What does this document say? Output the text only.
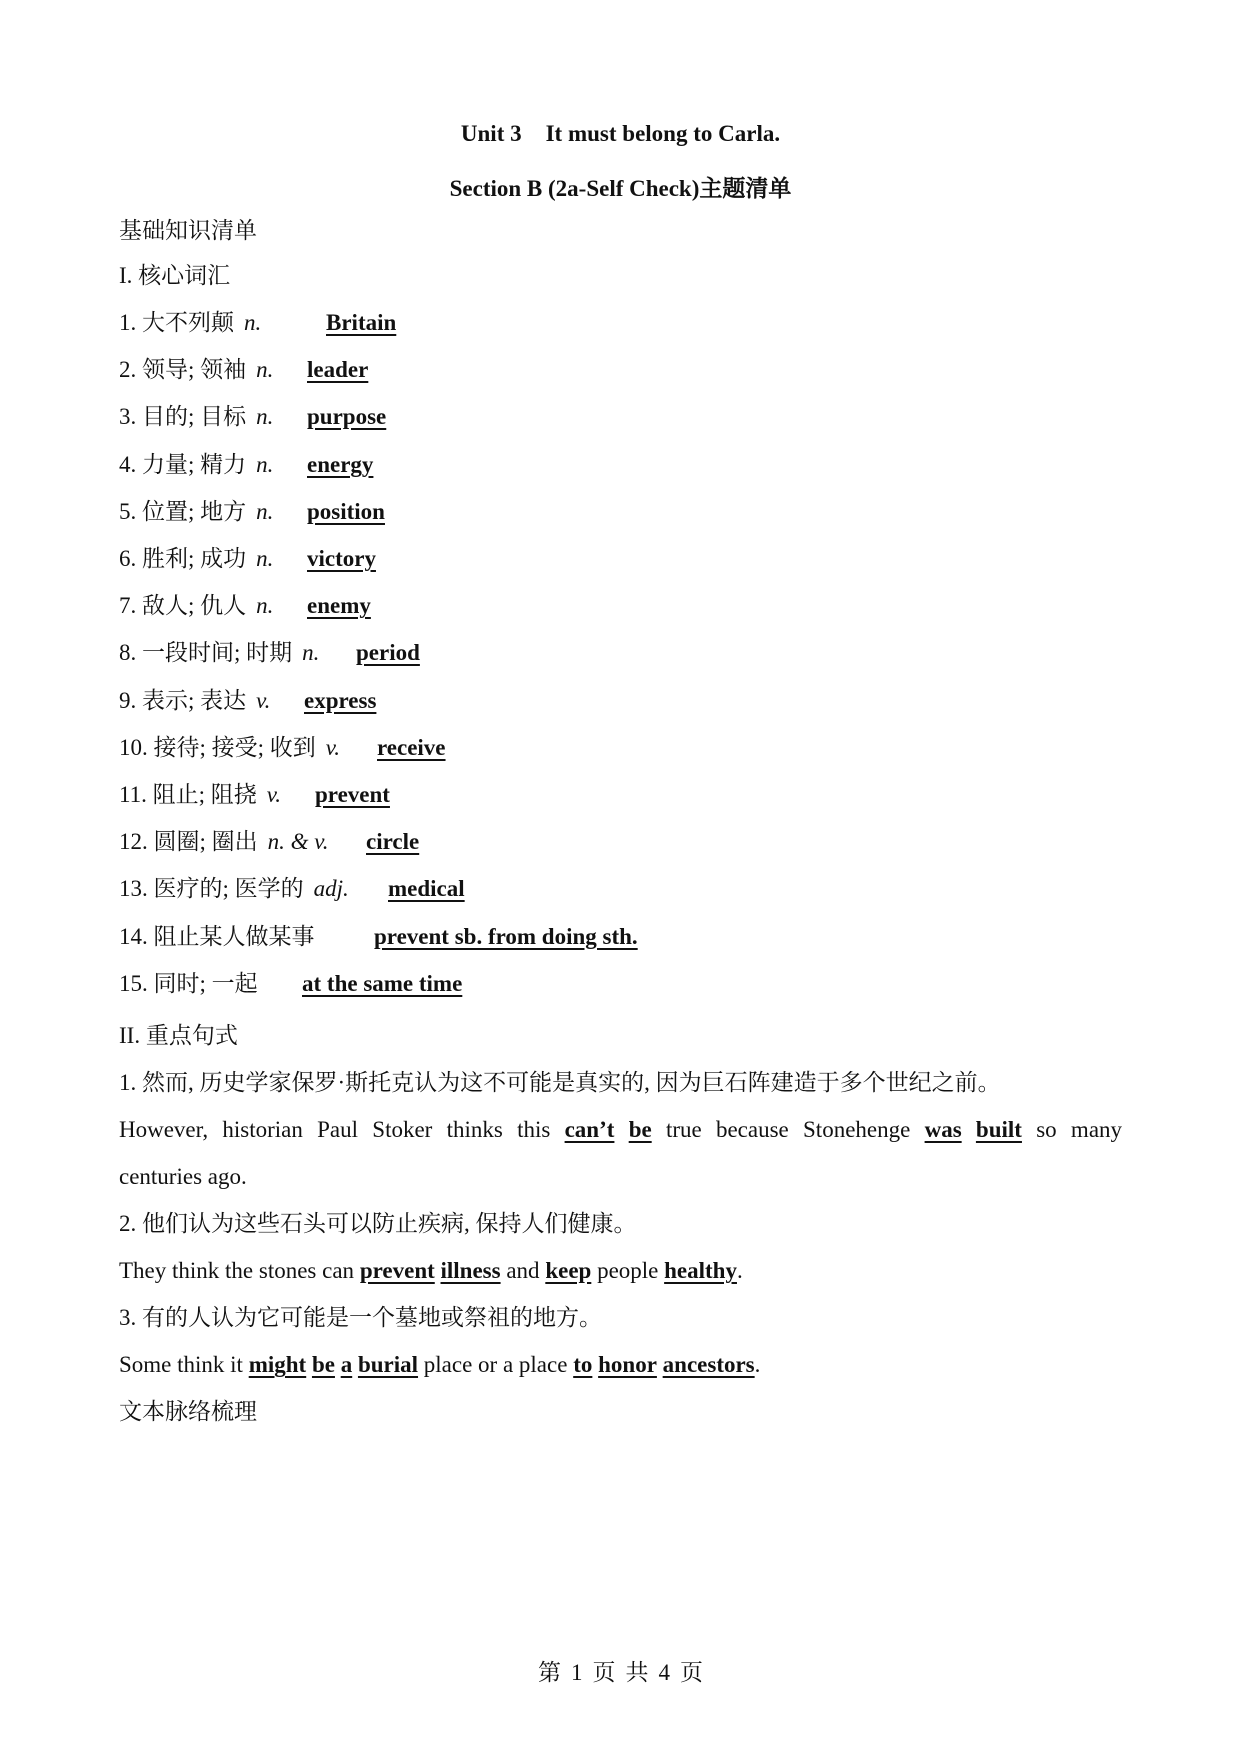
Unit 3 It must belong to Carla.
Section B (2a-Self Check)主题清单
基础知识清单
I. 核心词汇
1. 大不列颠 n.	Britain
2. 领导; 领袖 n. leader
3. 目的; 目标 n. purpose
4. 力量; 精力 n. energy
5. 位置; 地方 n. position
6. 胜利; 成功 n. victory
7. 敌人; 仇人 n. enemy
8. 一段时间; 时期 n. period
9. 表示; 表达 v. express
10. 接待; 接受; 收到 v. receive
11. 阻止; 阻挠 v. prevent
12. 圆圈; 圈出 n. & v. circle
13. 医疗的; 医学的 adj. medical
14. 阻止某人做某事	prevent sb. from doing sth.
15. 同时; 一起 at the same time
II. 重点句式
1. 然而, 历史学家保罗·斯托克认为这不可能是真实的, 因为巨石阵建造于多个世纪之前。
However, historian Paul Stoker thinks this can’t be true because Stonehenge was built so many
centuries ago.
2. 他们认为这些石头可以防止疾病, 保持人们健康。
They think the stones can prevent illness and keep people healthy.
3. 有的人认为它可能是一个墓地或祭祖的地方。
Some think it might be a burial place or a place to honor ancestors.
文本脉络梳理
第 1 页 共 4 页
